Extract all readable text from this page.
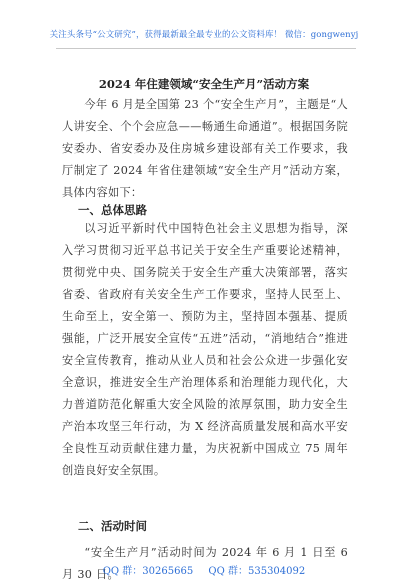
关注头条号“公文研究”，获得最新最全最专业的公文资料库！ 微信：gongwenyj
2024 年住建领域“安全生产月”活动方案

今年 6 月是全国第 23 个“安全生产月”，主题是“人人讲安全、个个会应急——畅通生命通道”。根据国务院安委办、省安委办及住房城乡建设部有关工作要求，我厅制定了 2024 年省住建领域“安全生产月”活动方案，具体内容如下：

一、总体思路

以习近平新时代中国特色社会主义思想为指导，深入学习贯彻习近平总书记关于安全生产重要论述精神，贯彻党中央、国务院关于安全生产重大决策部署，落实省委、省政府有关安全生产工作要求，坚持人民至上、生命至上，安全第一、预防为主，坚持固本强基、提质强能，广泛开展安全宣传“五进”活动，“消地结合”推进安全宣传教育，推动从业人员和社会公众进一步强化安全意识，推进安全生产治理体系和治理能力现代化，大力普道防范化解重大安全风险的浓厚氛围，助力安全生产治本攻坚三年行动，为 X 经济高质量发展和高水平安全良性互动贡献住建力量，为庆祝新中国成立 75 周年创造良好安全氛围。

二、活动时间

“安全生产月”活动时间为 2024 年 6 月 1 日至 6 月 30 日。

QQ 群：30265665 QQ 群：535304092
